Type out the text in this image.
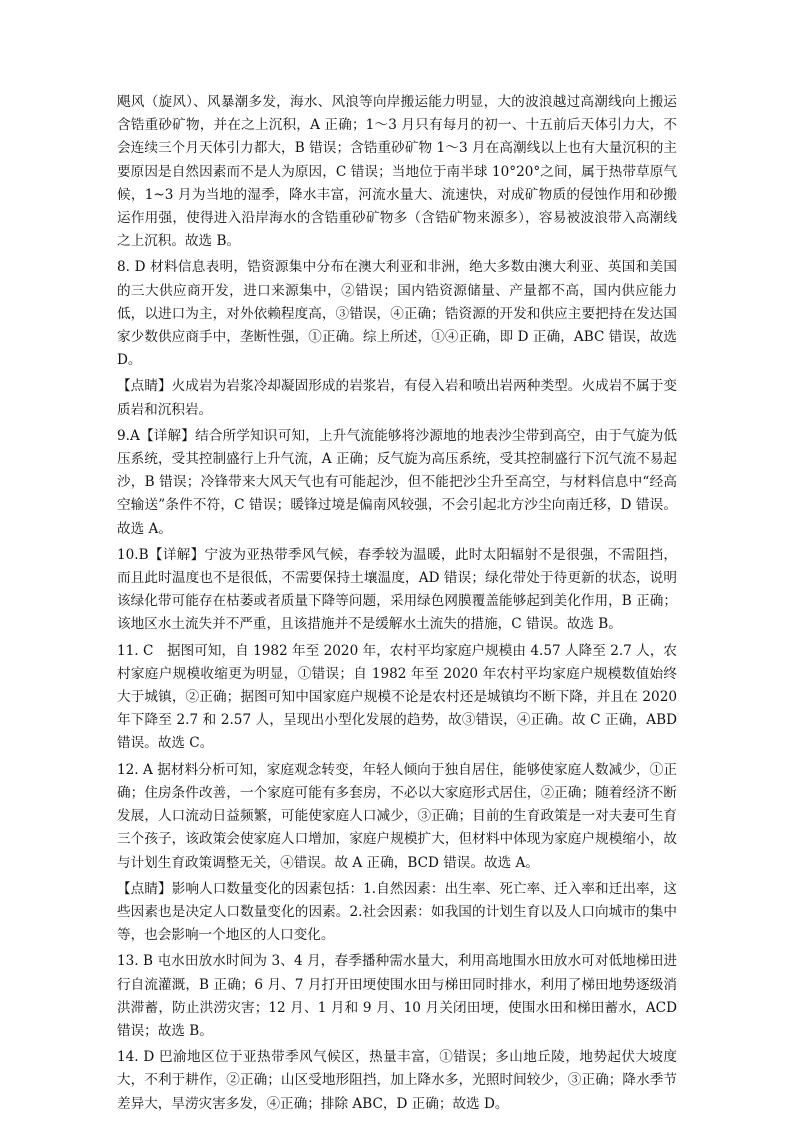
飓风（旋风）、风暴潮多发，海水、风浪等向岸搬运能力明显，大的波浪越过高潮线向上搬运含锆重砂矿物，并在之上沉积，A 正确；1～3 月只有每月的初一、十五前后天体引力大，不会连续三个月天体引力都大，B 错误；含锆重砂矿物 1～3 月在高潮线以上也有大量沉积的主要原因是自然因素而不是人为原因，C 错误；当地位于南半球 10°20°之间，属于热带草原气候，1~3 月为当地的湿季，降水丰富，河流水量大、流速快，对成矿物质的侵蚀作用和砂搬运作用强，使得进入沿岸海水的含锆重砂矿物多（含锆矿物来源多），容易被波浪带入高潮线之上沉积。故选 B。

8. D 材料信息表明，锆资源集中分布在澳大利亚和非洲，绝大多数由澳大利亚、英国和美国的三大供应商开发，进口来源集中，②错误；国内锆资源储量、产量都不高，国内供应能力低，以进口为主，对外依赖程度高，③错误，④正确；锆资源的开发和供应主要把持在发达国家少数供应商手中，垄断性强，①正确。综上所述，①④正确，即 D 正确，ABC 错误，故选 D。

【点睛】火成岩为岩浆冷却凝固形成的岩浆岩，有侵入岩和喷出岩两种类型。火成岩不属于变质岩和沉积岩。

9.A【详解】结合所学知识可知，上升气流能够将沙源地的地表沙尘带到高空，由于气旋为低压系统，受其控制盛行上升气流，A 正确；反气旋为高压系统，受其控制盛行下沉气流不易起沙，B 错误；冷锋带来大风天气也有可能起沙，但不能把沙尘升至高空，与材料信息中“经高空输送”条件不符，C 错误；暖锋过境是偏南风较强，不会引起北方沙尘向南迁移，D 错误。故选 A。

10.B【详解】宁波为亚热带季风气候，春季较为温暖，此时太阳辐射不是很强，不需阻挡，而且此时温度也不是很低，不需要保持土壤温度，AD 错误；绿化带处于待更新的状态，说明该绿化带可能存在枯萎或者质量下降等问题，采用绿色网膜覆盖能够起到美化作用，B 正确；该地区水土流失并不严重，且该措施并不是缓解水土流失的措施，C 错误。故选 B。

11. C　据图可知，自 1982 年至 2020 年，农村平均家庭户规模由 4.57 人降至 2.7 人，农村家庭户规模收缩更为明显，①错误；自 1982 年至 2020 年农村平均家庭户规模数值始终大于城镇，②正确；据图可知中国家庭户规模不论是农村还是城镇均不断下降，并且在 2020 年下降至 2.7 和 2.57 人，呈现出小型化发展的趋势，故③错误，④正确。故 C 正确，ABD 错误。故选 C。

12. A 据材料分析可知，家庭观念转变，年轻人倾向于独自居住，能够使家庭人数减少，①正确；住房条件改善，一个家庭可能有多套房，不必以大家庭形式居住，②正确；随着经济不断发展，人口流动日益频繁，可能使家庭人口减少，③正确；目前的生育政策是一对夫妻可生育三个孩子，该政策会使家庭人口增加，家庭户规模扩大，但材料中体现为家庭户规模缩小，故与计划生育政策调整无关，④错误。故 A 正确，BCD 错误。故选 A。

【点睛】影响人口数量变化的因素包括：1.自然因素：出生率、死亡率、迁入率和迁出率，这些因素也是决定人口数量变化的因素。2.社会因素：如我国的计划生育以及人口向城市的集中等，也会影响一个地区的人口变化。

13. B 屯水田放水时间为 3、4 月，春季播种需水量大，利用高地围水田放水可对低地梯田进行自流灌溉，B 正确；6 月、7 月打开田埂使围水田与梯田同时排水，利用了梯田地势逐级消洪滞蓄，防止洪涝灾害；12 月、1 月和 9 月、10 月关闭田埂，使围水田和梯田蓄水，ACD 错误；故选 B。

14. D 巴渝地区位于亚热带季风气候区，热量丰富，①错误；多山地丘陵，地势起伏大坡度大，不利于耕作，②正确；山区受地形阻挡，加上降水多，光照时间较少，③正确；降水季节差异大，旱涝灾害多发，④正确；排除 ABC，D 正确；故选 D。
